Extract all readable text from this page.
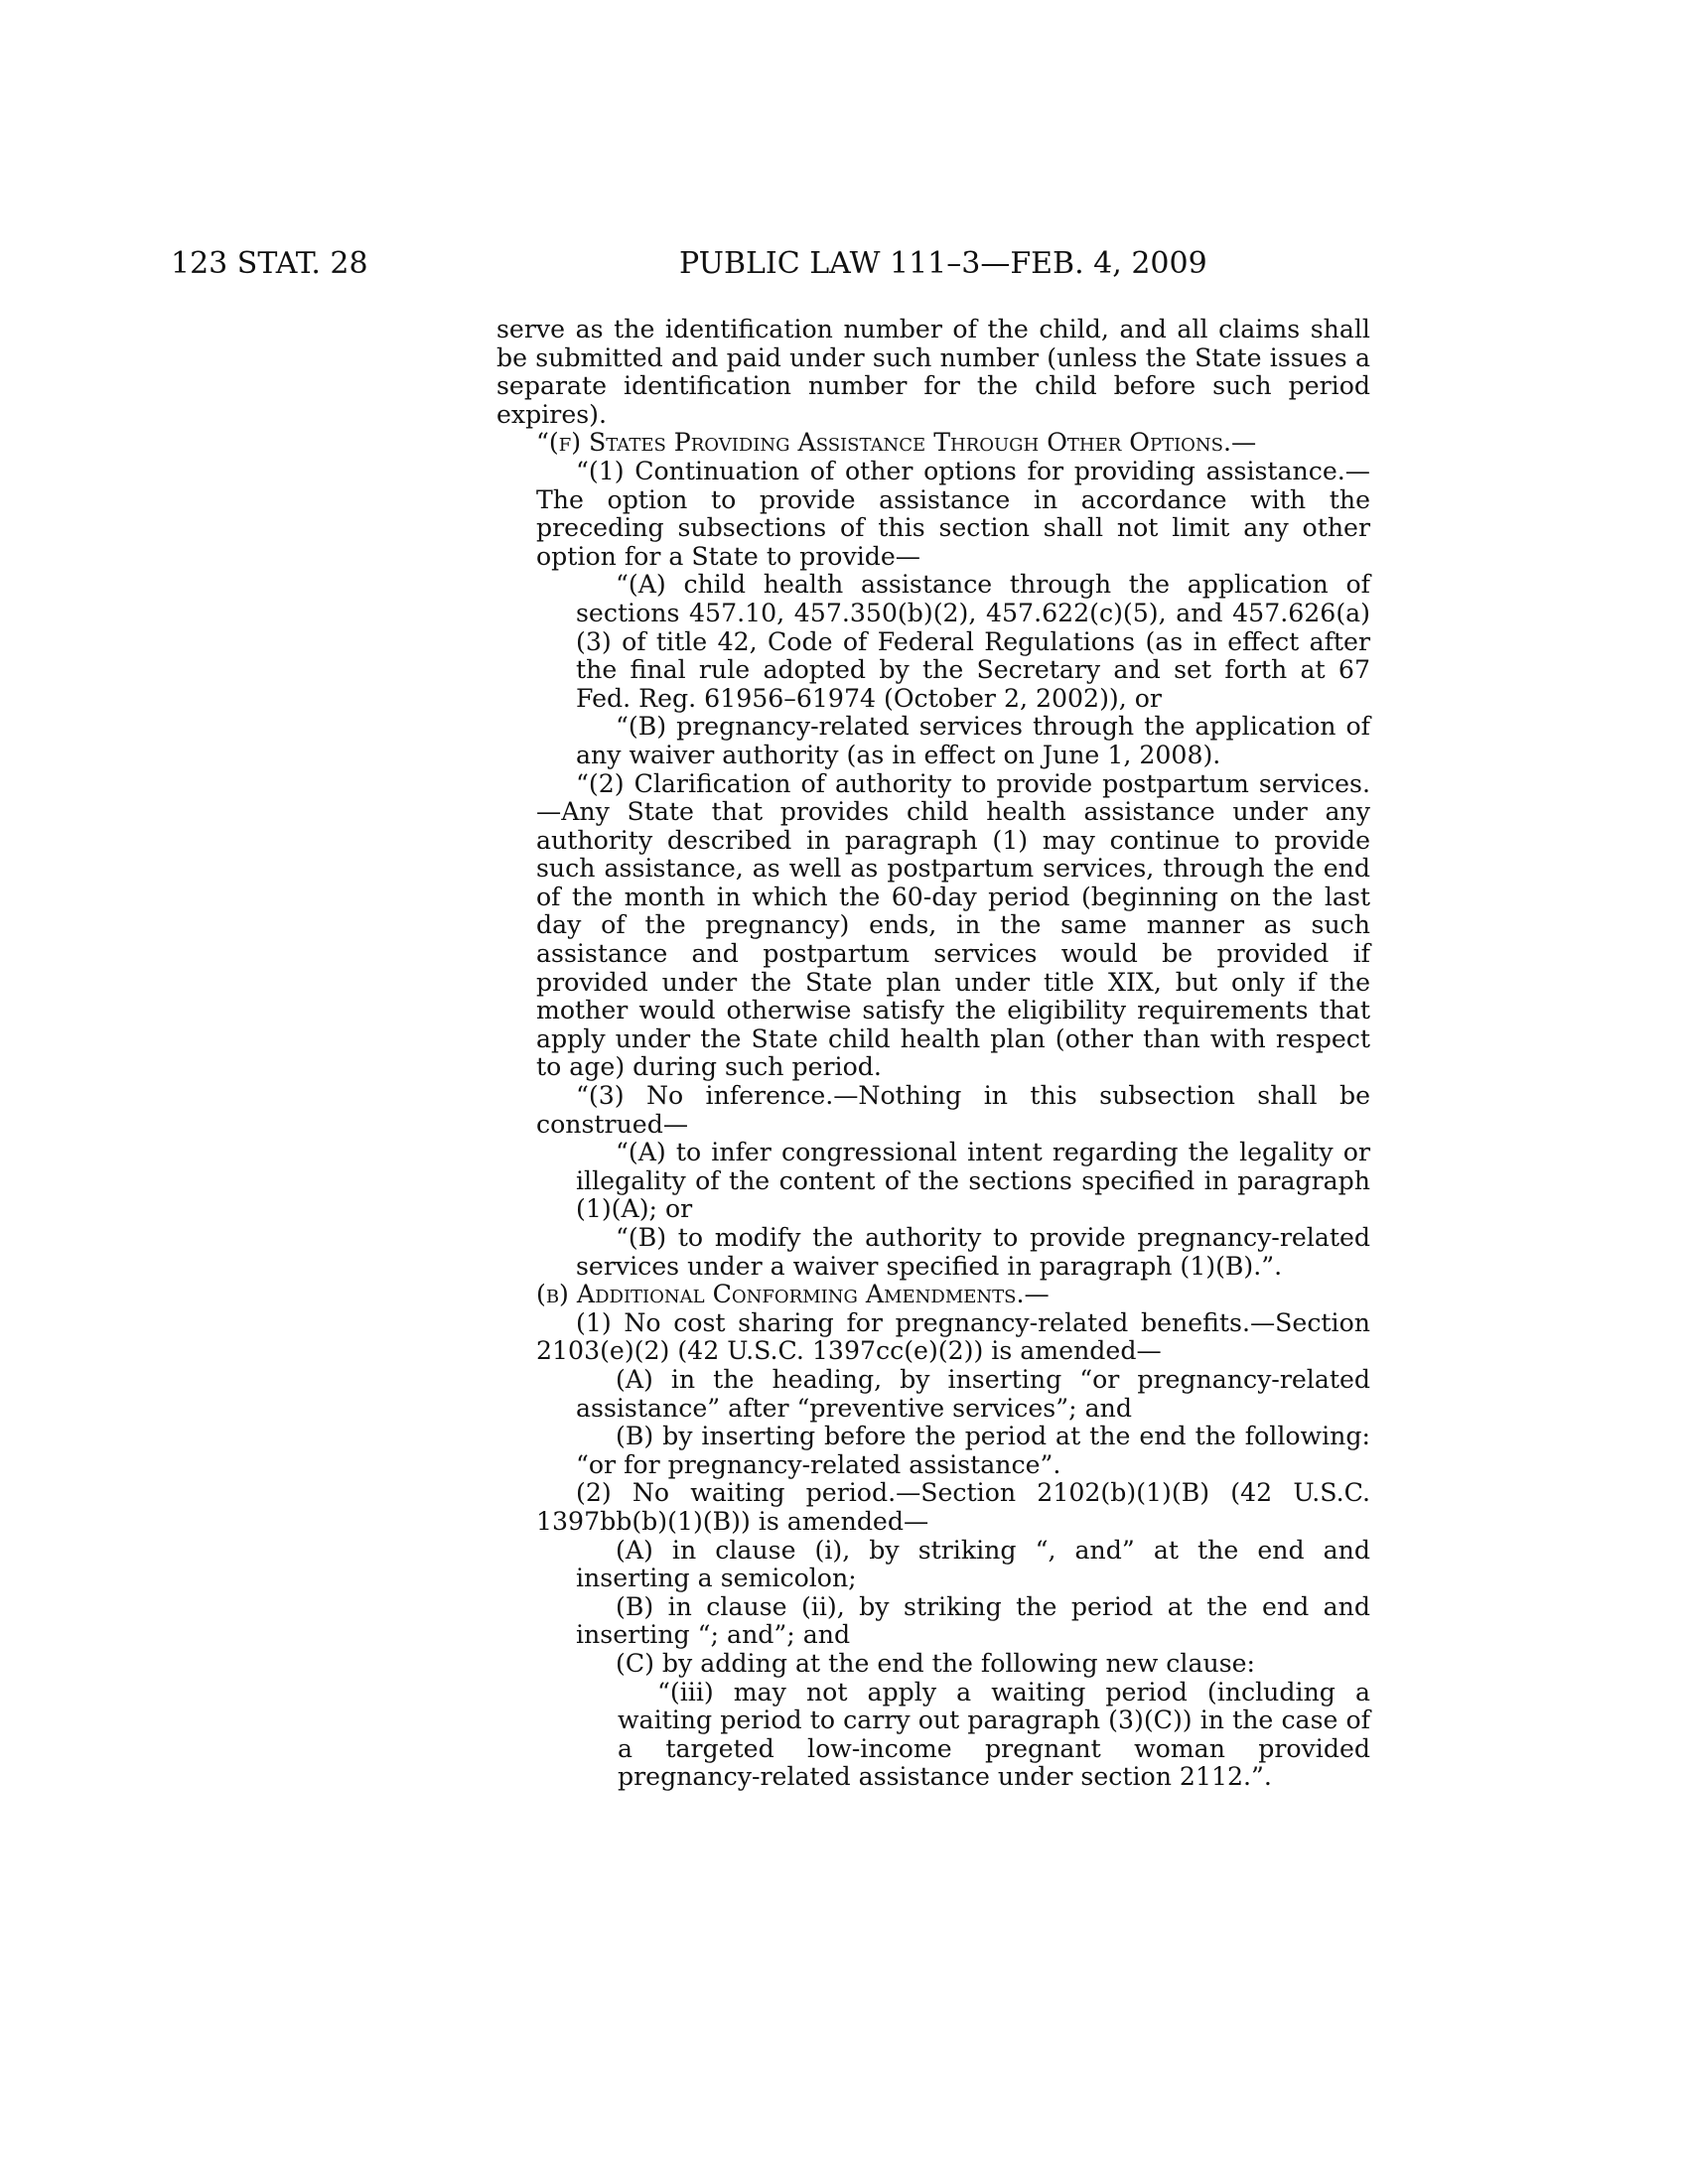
123 STAT. 28	PUBLIC LAW 111–3—FEB. 4, 2009

serve as the identification number of the child, and all claims shall be submitted and paid under such number (unless the State issues a separate identification number for the child before such period expires).

“(f) States Providing Assistance Through Other Options.—

“(1) Continuation of other options for providing assistance.—The option to provide assistance in accordance with the preceding subsections of this section shall not limit any other option for a State to provide—

“(A) child health assistance through the application of sections 457.10, 457.350(b)(2), 457.622(c)(5), and 457.626(a)(3) of title 42, Code of Federal Regulations (as in effect after the final rule adopted by the Secretary and set forth at 67 Fed. Reg. 61956–61974 (October 2, 2002)), or

“(B) pregnancy-related services through the application of any waiver authority (as in effect on June 1, 2008).

“(2) Clarification of authority to provide postpartum services.—Any State that provides child health assistance under any authority described in paragraph (1) may continue to provide such assistance, as well as postpartum services, through the end of the month in which the 60-day period (beginning on the last day of the pregnancy) ends, in the same manner as such assistance and postpartum services would be provided if provided under the State plan under title XIX, but only if the mother would otherwise satisfy the eligibility requirements that apply under the State child health plan (other than with respect to age) during such period.

“(3) No inference.—Nothing in this subsection shall be construed—

“(A) to infer congressional intent regarding the legality or illegality of the content of the sections specified in paragraph (1)(A); or

“(B) to modify the authority to provide pregnancy-related services under a waiver specified in paragraph (1)(B).”.

(b) Additional Conforming Amendments.—

(1) No cost sharing for pregnancy-related benefits.—Section 2103(e)(2) (42 U.S.C. 1397cc(e)(2)) is amended—

(A) in the heading, by inserting “or pregnancy-related assistance” after “preventive services”; and

(B) by inserting before the period at the end the following: “or for pregnancy-related assistance”.

(2) No waiting period.—Section 2102(b)(1)(B) (42 U.S.C. 1397bb(b)(1)(B)) is amended—

(A) in clause (i), by striking “, and” at the end and inserting a semicolon;

(B) in clause (ii), by striking the period at the end and inserting “; and”; and

(C) by adding at the end the following new clause:

“(iii) may not apply a waiting period (including a waiting period to carry out paragraph (3)(C)) in the case of a targeted low-income pregnant woman provided pregnancy-related assistance under section 2112.”.
